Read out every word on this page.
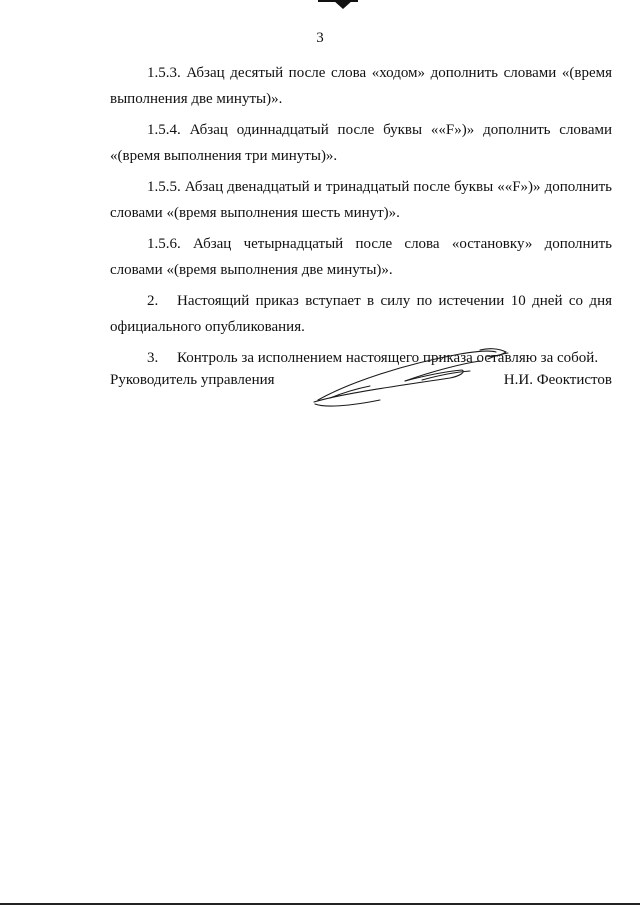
3

1.5.3. Абзац десятый после слова «ходом» дополнить словами «(время выполнения две минуты)».

1.5.4. Абзац одиннадцатый после буквы ««F»)» дополнить словами «(время выполнения три минуты)».

1.5.5. Абзац двенадцатый и тринадцатый после буквы ««F»)» дополнить словами «(время выполнения шесть минут)».

1.5.6. Абзац четырнадцатый после слова «остановку» дополнить словами «(время выполнения две минуты)».

2. Настоящий приказ вступает в силу по истечении 10 дней со дня официального опубликования.

3. Контроль за исполнением настоящего приказа оставляю за собой.

Руководитель управления	Н.И. Феоктистов
